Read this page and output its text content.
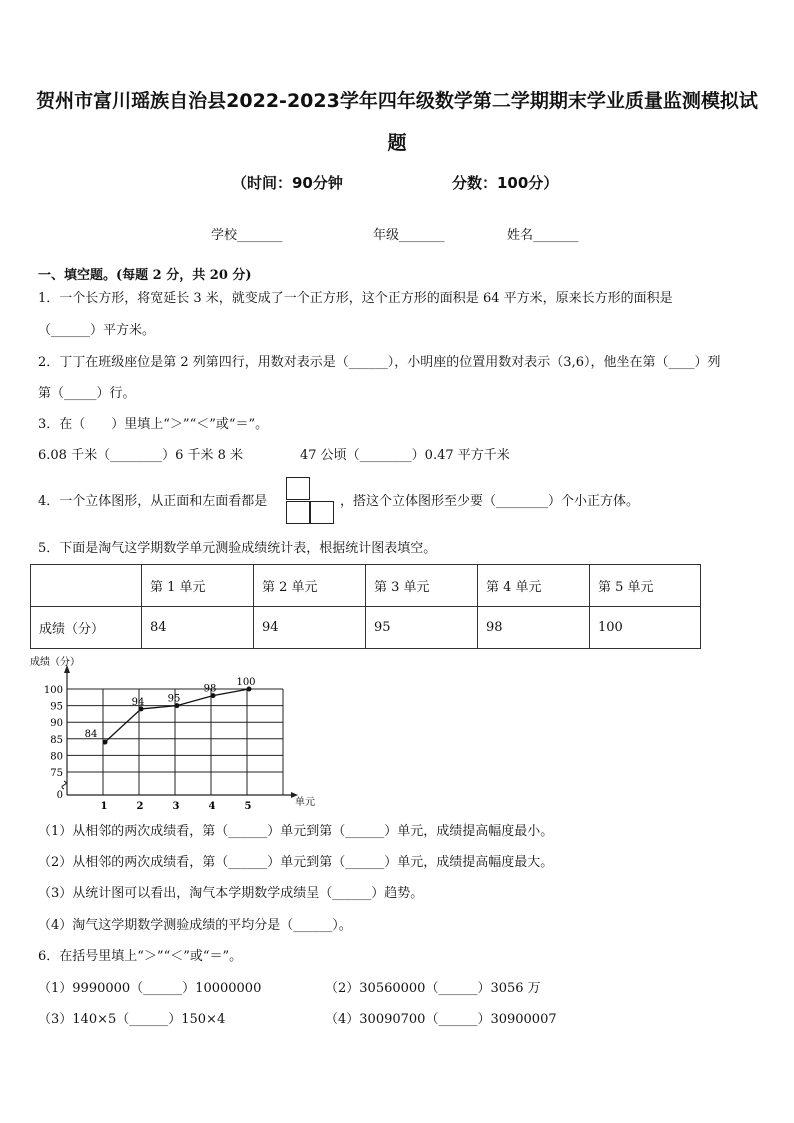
贺州市富川瑶族自治县2022-2023学年四年级数学第二学期期末学业质量监测模拟试
题
（时间：90分钟	分数：100分）
学校_______	年级_______	姓名_______
一、填空题。(每题 2 分，共 20 分)
1．一个长方形，将宽延长 3 米，就变成了一个正方形，这个正方形的面积是 64 平方米，原来长方形的面积是
（______）平方米。
2．丁丁在班级座位是第 2 列第四行，用数对表示是（______），小明座的位置用数对表示（3,6），他坐在第（____）列
第（_____）行。
3．在（　　）里填上“＞”“＜”或“＝”。
6.08 千米（________）6 千米 8 米	47 公顷（________）0.47 平方千米
4．一个立体图形，从正面和左面看都是	，搭这个立体图形至少要（________）个小正方体。
5．下面是淘气这学期数学单元测验成绩统计表，根据统计图表填空。
	第 1 单元	第 2 单元	第 3 单元	第 4 单元	第 5 单元
成绩（分）	84	94	95	98	100
成绩（分）
单元
0
75
80
85
90
95
100
1	2	3	4	5
84
94 95
98
100
（1）从相邻的两次成绩看，第（______）单元到第（______）单元，成绩提高幅度最小。
（2）从相邻的两次成绩看，第（______）单元到第（______）单元，成绩提高幅度最大。
（3）从统计图可以看出，淘气本学期数学成绩呈（______）趋势。
（4）淘气这学期数学测验成绩的平均分是（______）。
6．在括号里填上“＞”“＜”或“＝”。
（1）9990000（______）10000000	（2）30560000（______）3056 万
（3）140×5（______）150×4	（4）30090700（______）30900007
